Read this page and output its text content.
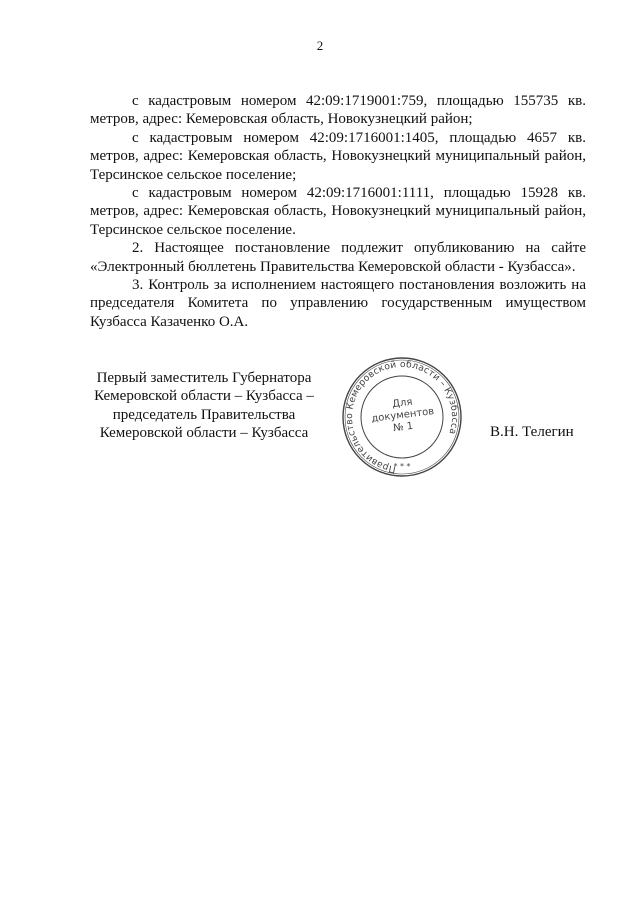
2

с кадастровым номером 42:09:1719001:759, площадью 155735 кв. метров, адрес: Кемеровская область, Новокузнецкий район;

с кадастровым номером 42:09:1716001:1405, площадью 4657 кв. метров, адрес: Кемеровская область, Новокузнецкий муниципальный район, Терсинское сельское поселение;

с кадастровым номером 42:09:1716001:1111, площадью 15928 кв. метров, адрес: Кемеровская область, Новокузнецкий муниципальный район, Терсинское сельское поселение.

2. Настоящее постановление подлежит опубликованию на сайте «Электронный бюллетень Правительства Кемеровской области - Кузбасса».

3. Контроль за исполнением настоящего постановления возложить на председателя Комитета по управлению государственным имуществом Кузбасса Казаченко О.А.

Первый заместитель Губернатора
Кемеровской области – Кузбасса –
председатель Правительства
Кемеровской области – Кузбасса
Правительство Кемеровской области – Кузбасса
Для
документов
№ 1
* * *
В.Н. Телегин
